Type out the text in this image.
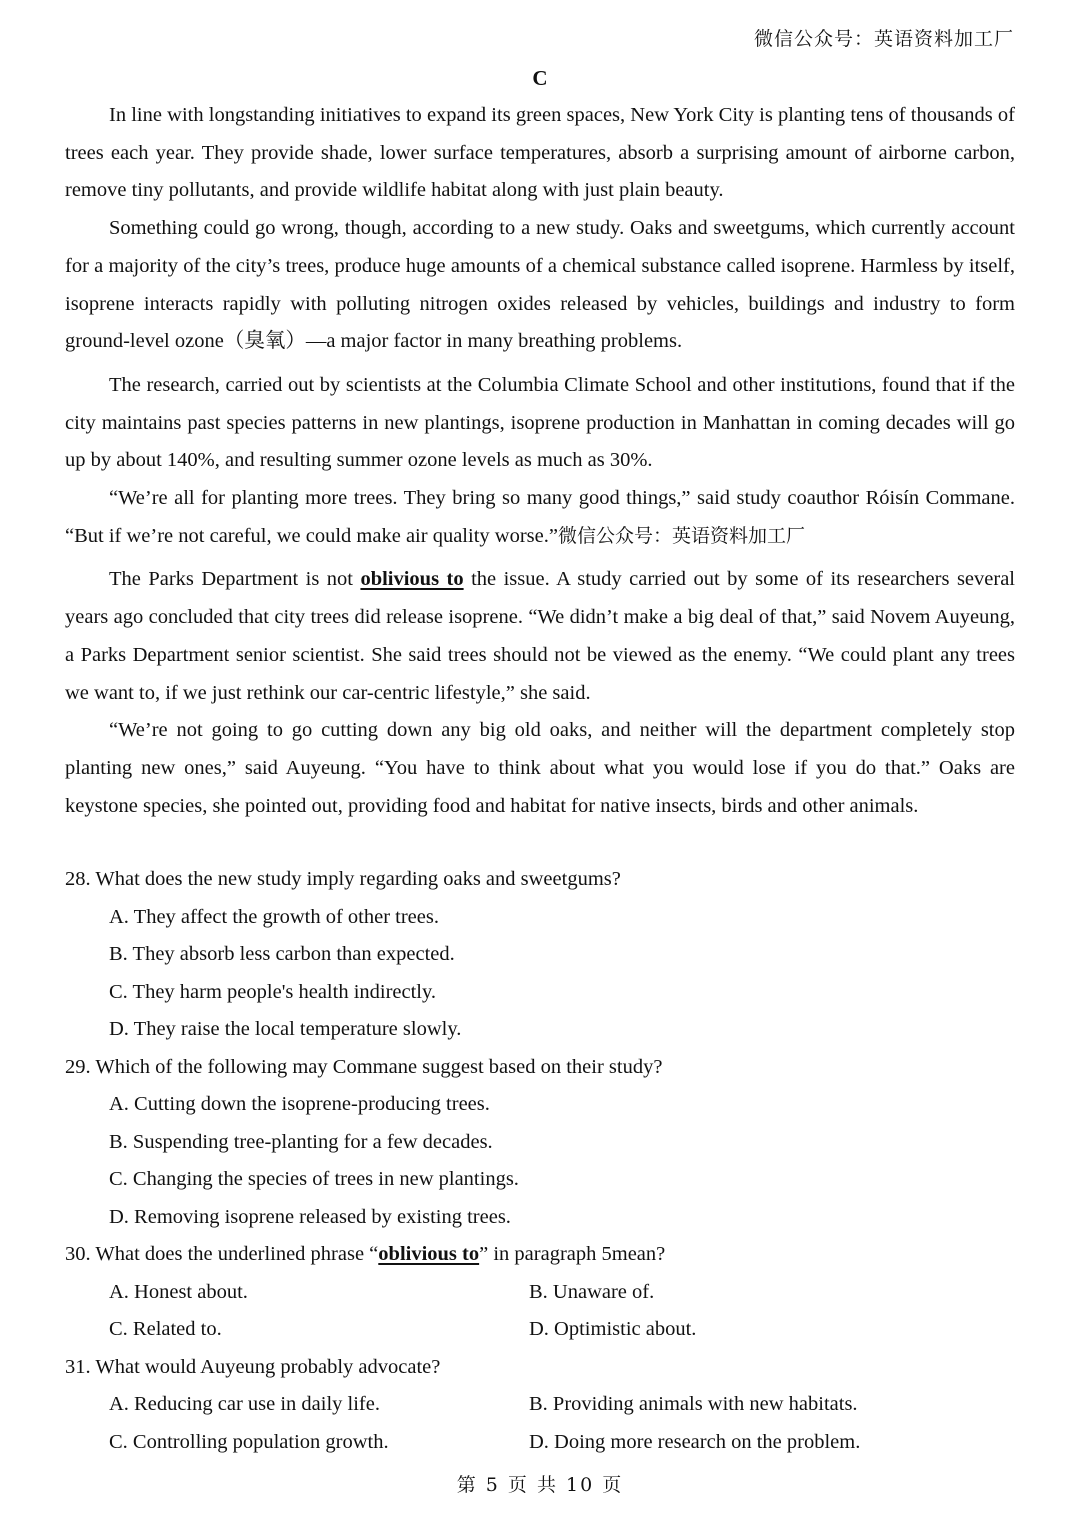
微信公众号：英语资料加工厂
C

In line with longstanding initiatives to expand its green spaces, New York City is planting tens of thousands of trees each year. They provide shade, lower surface temperatures, absorb a surprising amount of airborne carbon, remove tiny pollutants, and provide wildlife habitat along with just plain beauty.

Something could go wrong, though, according to a new study. Oaks and sweetgums, which currently account for a majority of the city’s trees, produce huge amounts of a chemical substance called isoprene. Harmless by itself, isoprene interacts rapidly with polluting nitrogen oxides released by vehicles, buildings and industry to form ground-level ozone（臭氧）—a major factor in many breathing problems.

The research, carried out by scientists at the Columbia Climate School and other institutions, found that if the city maintains past species patterns in new plantings, isoprene production in Manhattan in coming decades will go up by about 140%, and resulting summer ozone levels as much as 30%.

“We’re all for planting more trees. They bring so many good things,” said study coauthor Róisín Commane. “But if we’re not careful, we could make air quality worse.”微信公众号：英语资料加工厂

The Parks Department is not oblivious to the issue. A study carried out by some of its researchers several years ago concluded that city trees did release isoprene. “We didn’t make a big deal of that,” said Novem Auyeung, a Parks Department senior scientist. She said trees should not be viewed as the enemy. “We could plant any trees we want to, if we just rethink our car-centric lifestyle,” she said.

“We’re not going to go cutting down any big old oaks, and neither will the department completely stop planting new ones,” said Auyeung. “You have to think about what you would lose if you do that.” Oaks are keystone species, she pointed out, providing food and habitat for native insects, birds and other animals.

28. What does the new study imply regarding oaks and sweetgums?
A. They affect the growth of other trees.
B. They absorb less carbon than expected.
C. They harm people's health indirectly.
D. They raise the local temperature slowly.
29. Which of the following may Commane suggest based on their study?
A. Cutting down the isoprene-producing trees.
B. Suspending tree-planting for a few decades.
C. Changing the species of trees in new plantings.
D. Removing isoprene released by existing trees.
30. What does the underlined phrase “oblivious to” in paragraph 5mean?
A. Honest about.	B. Unaware of.
C. Related to.	D. Optimistic about.
31. What would Auyeung probably advocate?
A. Reducing car use in daily life.	B. Providing animals with new habitats.
C. Controlling population growth.	D. Doing more research on the problem.
第 5 页 共 10 页
